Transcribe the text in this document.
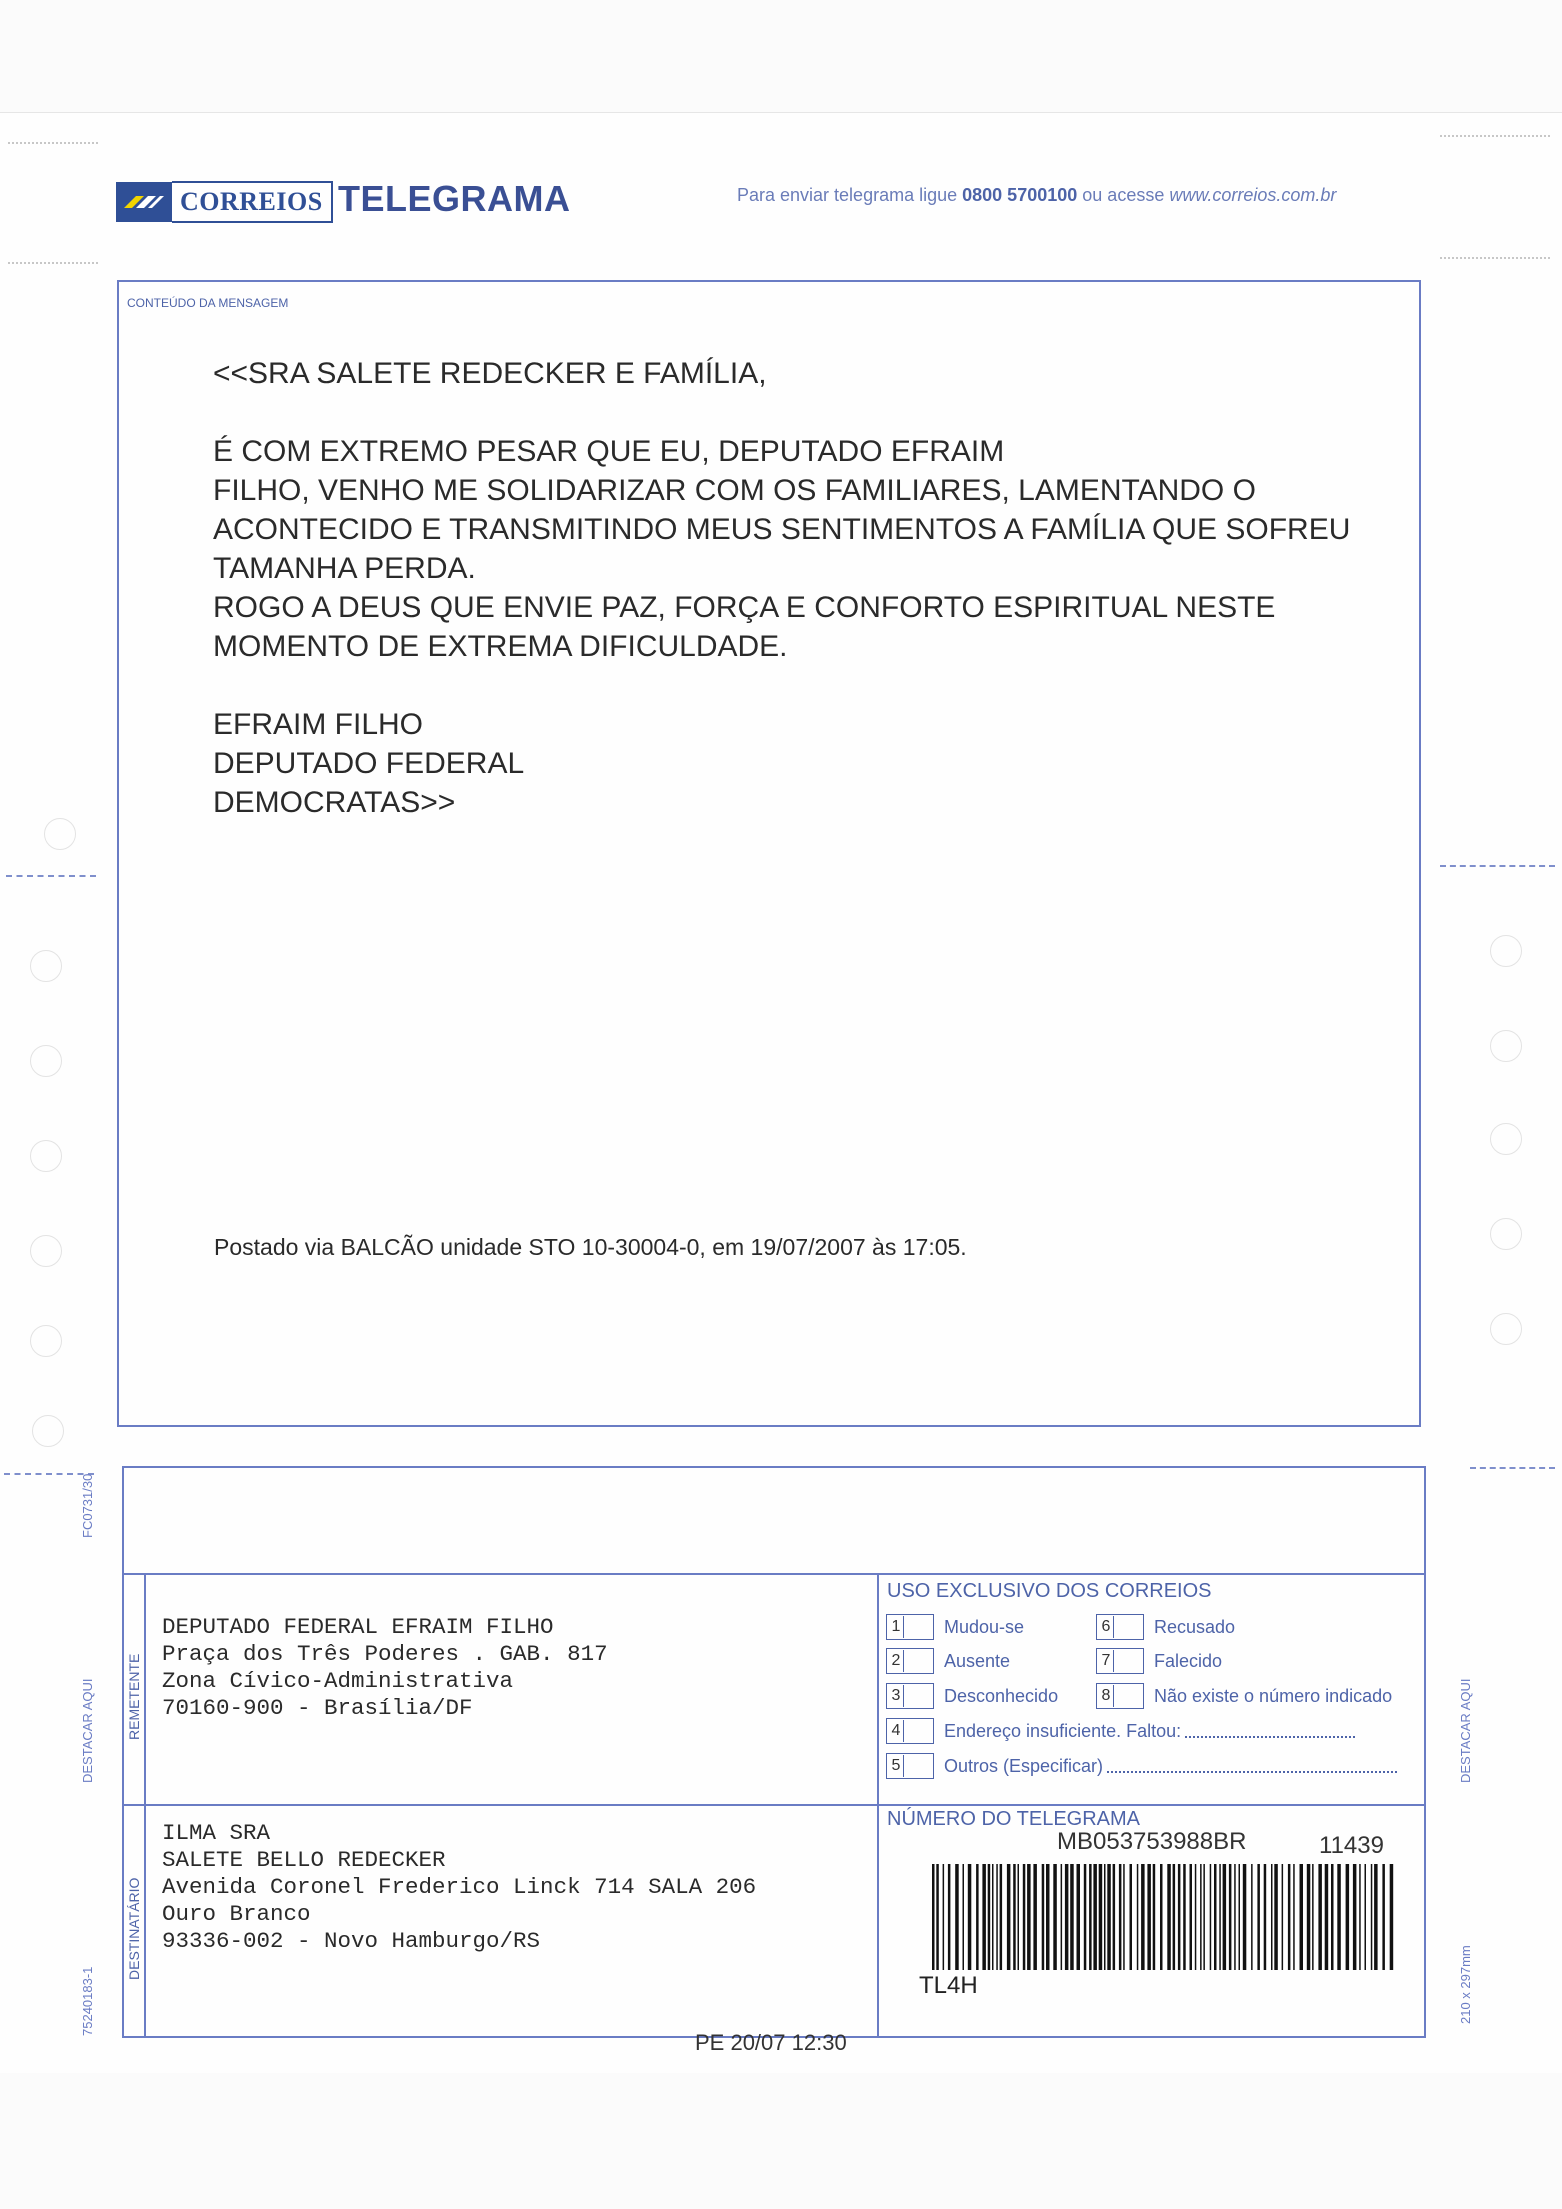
CORREIOS TELEGRAMA	Para enviar telegrama ligue 0800 5700100 ou acesse www.correios.com.br
CONTEÚDO DA MENSAGEM
<<SRA SALETE REDECKER E FAMÍLIA,
É COM EXTREMO PESAR QUE EU, DEPUTADO EFRAIM
FILHO, VENHO ME SOLIDARIZAR COM OS FAMILIARES, LAMENTANDO O
ACONTECIDO E TRANSMITINDO MEUS SENTIMENTOS A FAMÍLIA QUE SOFREU
TAMANHA PERDA.
ROGO A DEUS QUE ENVIE PAZ, FORÇA E CONFORTO ESPIRITUAL NESTE
MOMENTO DE EXTREMA DIFICULDADE.
EFRAIM FILHO
DEPUTADO FEDERAL
DEMOCRATAS>>
Postado via BALCÃO unidade STO 10-30004-0, em 19/07/2007 às 17:05.
REMETENTE
DESTINATÁRIO
DEPUTADO FEDERAL EFRAIM FILHO
Praça dos Três Poderes . GAB. 817
Zona Cívico-Administrativa
70160-900 - Brasília/DF
ILMA SRA
SALETE BELLO REDECKER
Avenida Coronel Frederico Linck 714 SALA 206
Ouro Branco
93336-002 - Novo Hamburgo/RS
USO EXCLUSIVO DOS CORREIOS
1 Mudou-se
2 Ausente
3 Desconhecido
4 Endereço insuficiente. Faltou:
5 Outros (Especificar)
6 Recusado
7 Falecido
8 Não existe o número indicado
NÚMERO DO TELEGRAMA
MB053753988BR	11439
TL4H
PE 20/07 12:30
FC0731/30
DESTACAR AQUI	DESTACAR AQUI
75240183-1	210 x 297mm
